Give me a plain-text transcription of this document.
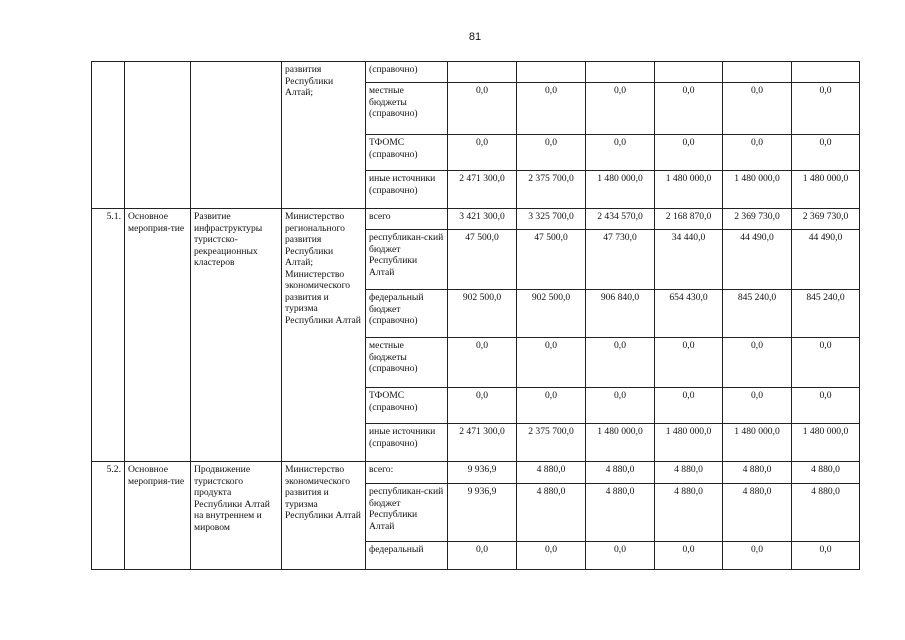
81
			развития Республики Алтай;	(справочно)						
				местные бюджеты (справочно)	0,0	0,0	0,0	0,0	0,0	0,0
				ТФОМС (справочно)	0,0	0,0	0,0	0,0	0,0	0,0
				иные источники (справочно)	2 471 300,0	2 375 700,0	1 480 000,0	1 480 000,0	1 480 000,0	1 480 000,0
5.1.	Основное мероприя-тие	Развитие инфраструктуры туристско-рекреационных кластеров	Министерство регионального развития Республики Алтай; Министерство экономического развития и туризма Республики Алтай	всего	3 421 300,0	3 325 700,0	2 434 570,0	2 168 870,0	2 369 730,0	2 369 730,0
				республикан-ский бюджет Республики Алтай	47 500,0	47 500,0	47 730,0	34 440,0	44 490,0	44 490,0
				федеральный бюджет (справочно)	902 500,0	902 500,0	906 840,0	654 430,0	845 240,0	845 240,0
				местные бюджеты (справочно)	0,0	0,0	0,0	0,0	0,0	0,0
				ТФОМС (справочно)	0,0	0,0	0,0	0,0	0,0	0,0
				иные источники (справочно)	2 471 300,0	2 375 700,0	1 480 000,0	1 480 000,0	1 480 000,0	1 480 000,0
5.2.	Основное мероприя-тие	Продвижение туристского продукта Республики Алтай на внутреннем и мировом	Министерство экономического развития и туризма Республики Алтай	всего:	9 936,9	4 880,0	4 880,0	4 880,0	4 880,0	4 880,0
				республикан-ский бюджет Республики Алтай	9 936,9	4 880,0	4 880,0	4 880,0	4 880,0	4 880,0
				федеральный	0,0	0,0	0,0	0,0	0,0	0,0
